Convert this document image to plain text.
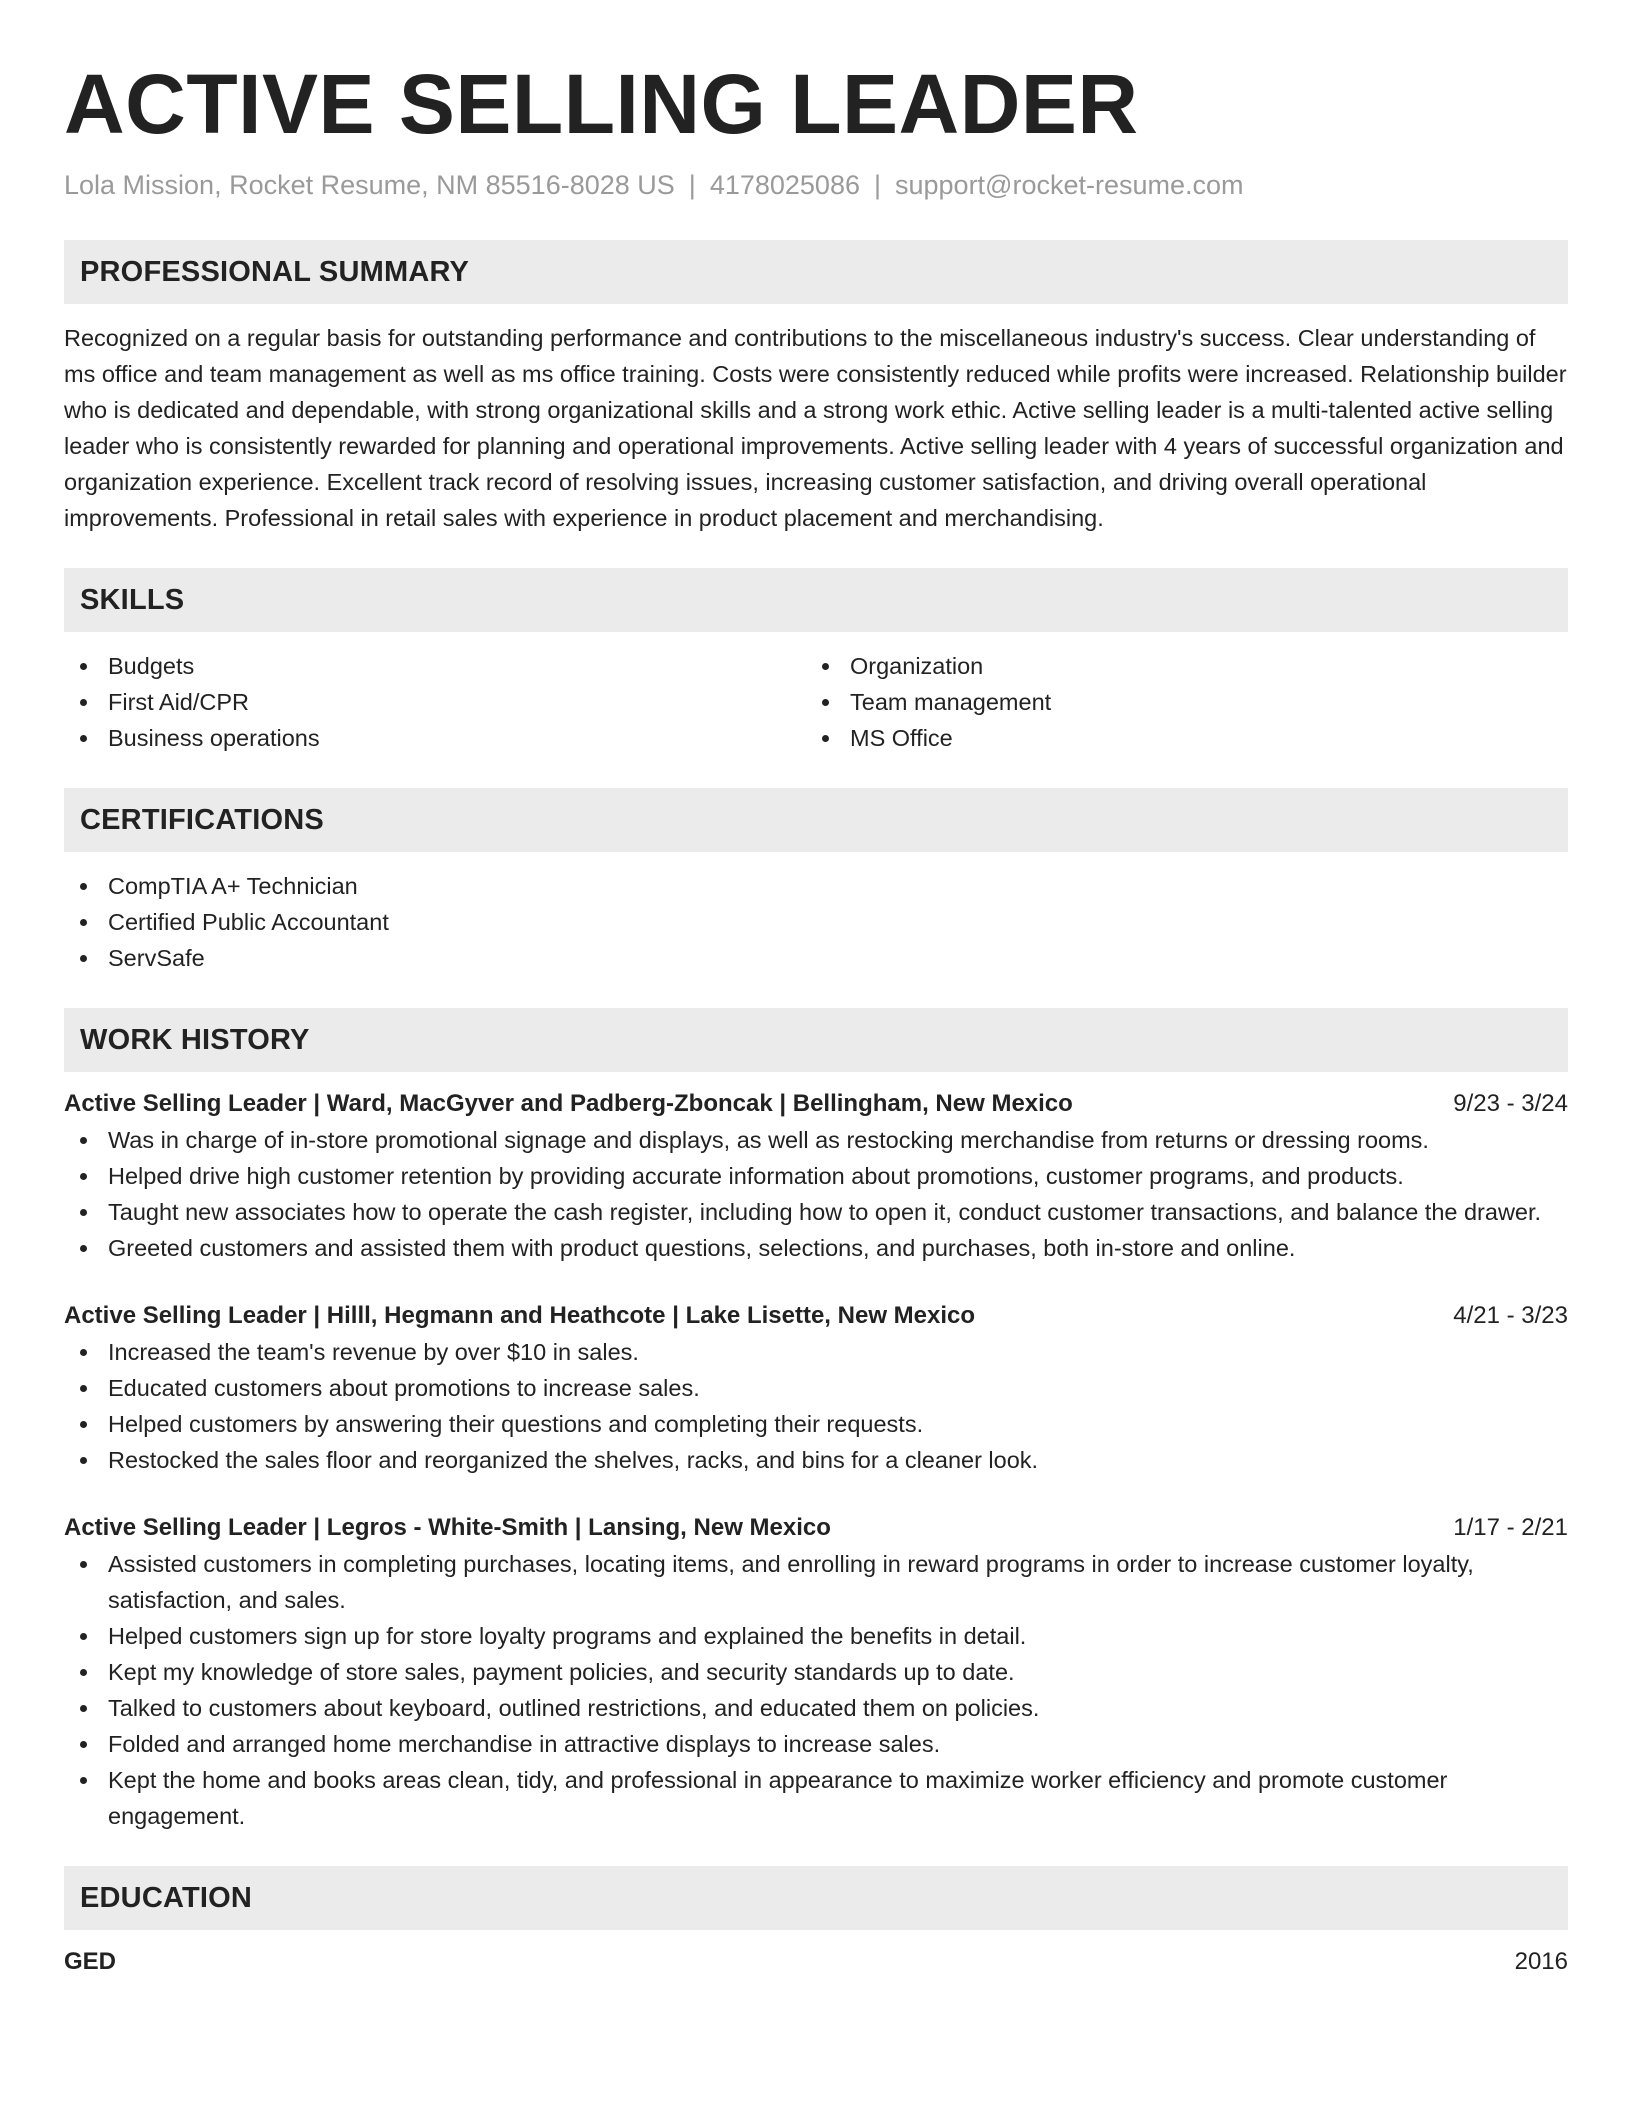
ACTIVE SELLING LEADER
Lola Mission, Rocket Resume, NM 85516-8028 US | 4178025086 | support@rocket-resume.com
PROFESSIONAL SUMMARY

Recognized on a regular basis for outstanding performance and contributions to the miscellaneous industry's success. Clear understanding of ms office and team management as well as ms office training. Costs were consistently reduced while profits were increased. Relationship builder who is dedicated and dependable, with strong organizational skills and a strong work ethic. Active selling leader is a multi-talented active selling leader who is consistently rewarded for planning and operational improvements. Active selling leader with 4 years of successful organization and organization experience. Excellent track record of resolving issues, increasing customer satisfaction, and driving overall operational improvements. Professional in retail sales with experience in product placement and merchandising.

SKILLS
Budgets
First Aid/CPR
Business operations
Organization
Team management
MS Office
CERTIFICATIONS
CompTIA A+ Technician
Certified Public Accountant
ServSafe
WORK HISTORY
Active Selling Leader | Ward, MacGyver and Padberg-Zboncak | Bellingham, New Mexico	9/23 - 3/24
Was in charge of in-store promotional signage and displays, as well as restocking merchandise from returns or dressing rooms.
Helped drive high customer retention by providing accurate information about promotions, customer programs, and products.
Taught new associates how to operate the cash register, including how to open it, conduct customer transactions, and balance the drawer.
Greeted customers and assisted them with product questions, selections, and purchases, both in-store and online.
Active Selling Leader | Hilll, Hegmann and Heathcote | Lake Lisette, New Mexico	4/21 - 3/23
Increased the team's revenue by over $10 in sales.
Educated customers about promotions to increase sales.
Helped customers by answering their questions and completing their requests.
Restocked the sales floor and reorganized the shelves, racks, and bins for a cleaner look.
Active Selling Leader | Legros - White-Smith | Lansing, New Mexico	1/17 - 2/21
Assisted customers in completing purchases, locating items, and enrolling in reward programs in order to increase customer loyalty, satisfaction, and sales.
Helped customers sign up for store loyalty programs and explained the benefits in detail.
Kept my knowledge of store sales, payment policies, and security standards up to date.
Talked to customers about keyboard, outlined restrictions, and educated them on policies.
Folded and arranged home merchandise in attractive displays to increase sales.
Kept the home and books areas clean, tidy, and professional in appearance to maximize worker efficiency and promote customer engagement.
EDUCATION
GED	2016
